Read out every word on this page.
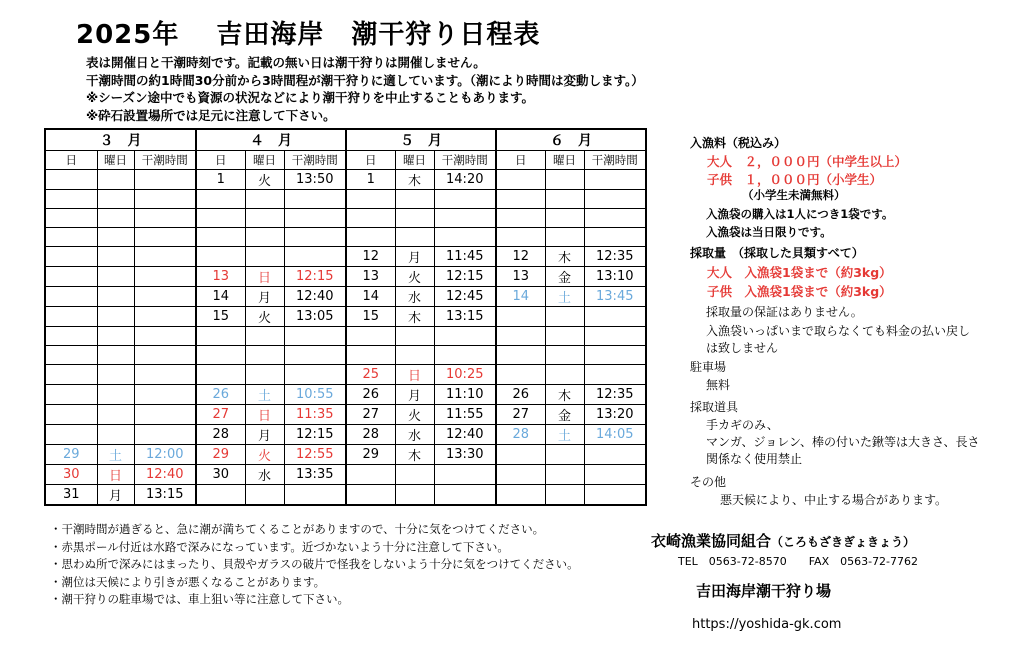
2025年　 吉田海岸　潮干狩り日程表
表は開催日と干潮時刻です。記載の無い日は潮干狩りは開催しません。
干潮時間の約1時間30分前から3時間程が潮干狩りに適しています。（潮により時間は変動します。）
※シーズン途中でも資源の状況などにより潮干狩りを中止することもあります。
※砕石設置場所では足元に注意して下さい。
３　月			４　月			５　月			６　月		
日	曜日	干潮時間	日	曜日	干潮時間	日	曜日	干潮時間	日	曜日	干潮時間
			1	火	13:50	1	木	14:20			

						12	月	11:45	12	木	12:35
			13	日	12:15	13	火	12:15	13	金	13:10
			14	月	12:40	14	水	12:45	14	土	13:45
			15	火	13:05	15	木	13:15			

						25	日	10:25			
			26	土	10:55	26	月	11:10	26	木	12:35
			27	日	11:35	27	火	11:55	27	金	13:20
			28	月	12:15	28	水	12:40	28	土	14:05
29	土	12:00	29	火	12:55	29	木	13:30			
30	日	12:40	30	水	13:35						
31	月	13:15									
入漁料（税込み）
大人　２，０００円（中学生以上）
子供　１，０００円（小学生）
（小学生未満無料）
入漁袋の購入は1人につき1袋です。
入漁袋は当日限りです。
採取量　（採取した貝類すべて）
大人　入漁袋1袋まで（約3kg）
子供　入漁袋1袋まで（約3kg）
採取量の保証はありません。
入漁袋いっぱいまで取らなくても料金の払い戻し
は致しません
駐車場
無料
採取道具
手カギのみ、
マンガ、ジョレン、棒の付いた鍬等は大きさ、長さ
関係なく使用禁止
その他
悪天候により、中止する場合があります。
・干潮時間が過ぎると、急に潮が満ちてくることがありますので、十分に気をつけてください。
・赤黒ポール付近は水路で深みになっています。近づかないよう十分に注意して下さい。
・思わぬ所で深みにはまったり、貝殻やガラスの破片で怪我をしないよう十分に気をつけてください。
・潮位は天候により引きが悪くなることがあります。
・潮干狩りの駐車場では、車上狙い等に注意して下さい。
衣崎漁業協同組合（ころもざきぎょきょう）
TEL　0563-72-8570　　FAX　0563-72-7762
吉田海岸潮干狩り場
https://yoshida-gk.com
